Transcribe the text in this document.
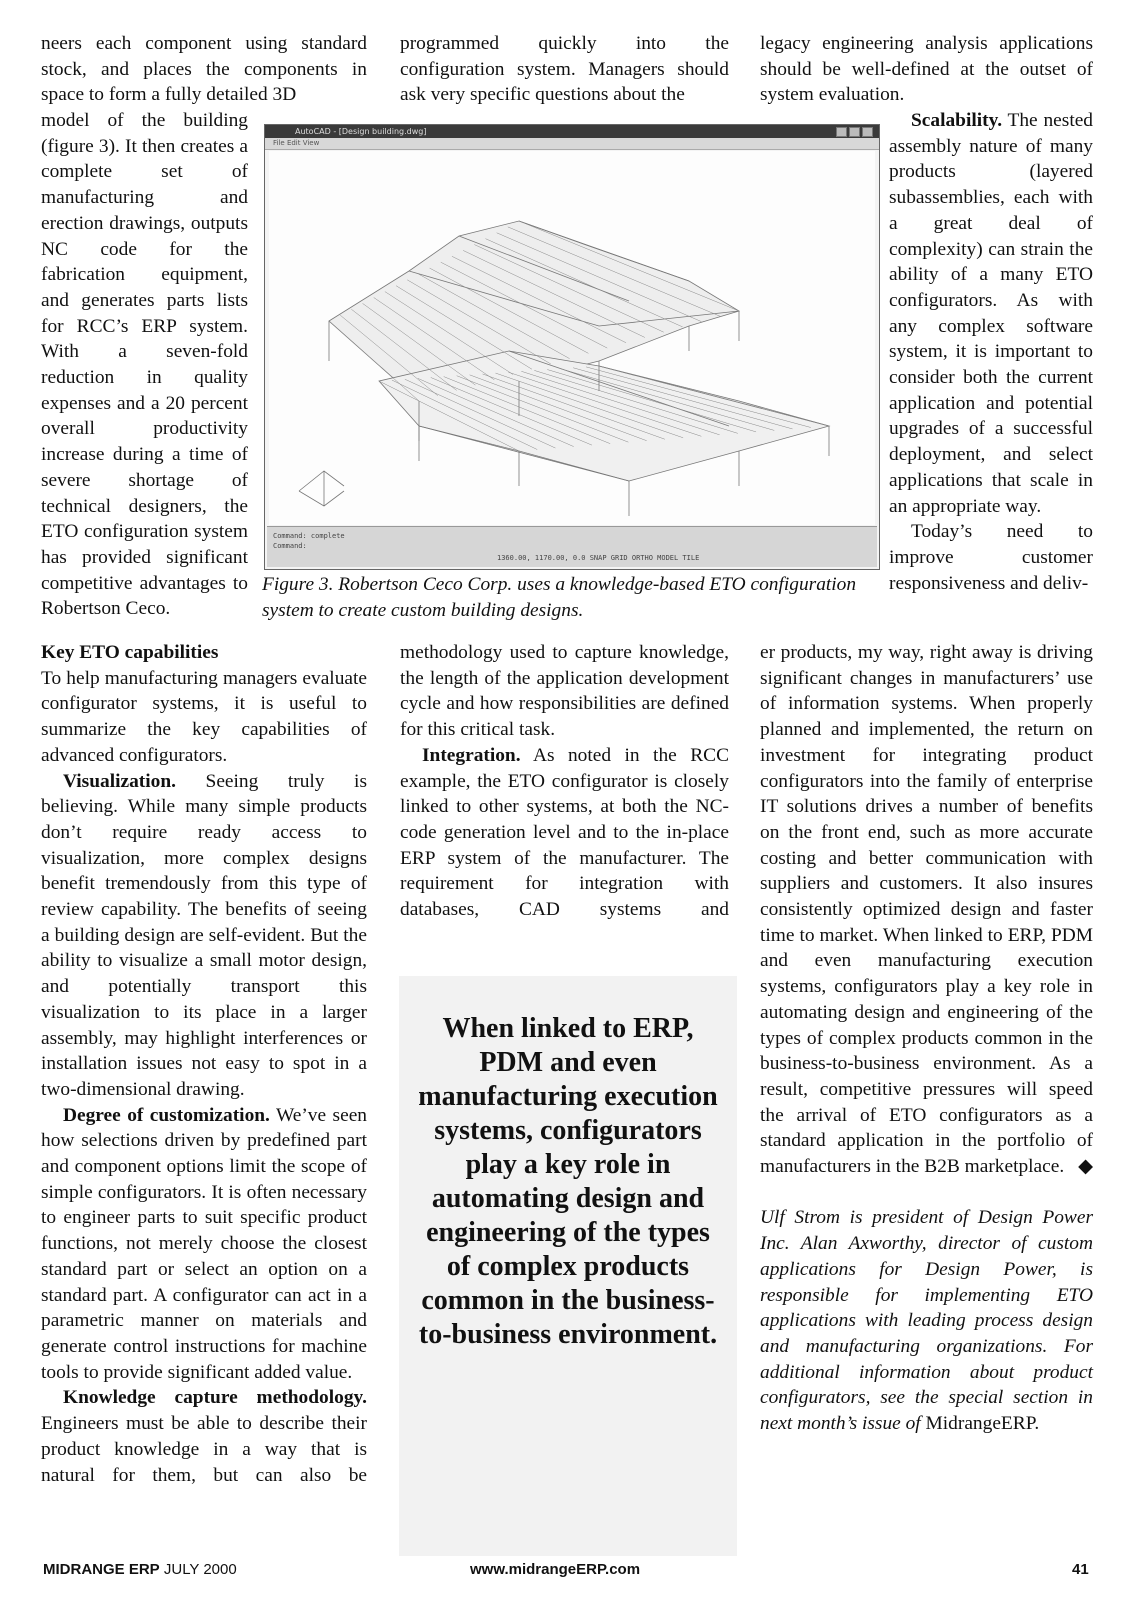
neers each component using standard stock, and places the components in space to form a fully detailed 3D

model of the building (figure 3). It then creates a complete set of manufacturing and erection drawings, outputs NC code for the fabrication equipment, and generates parts lists for RCC’s ERP system. With a seven-fold reduction in quality expenses and a 20 percent overall productivity increase during a time of severe shortage of technical designers, the ETO configuration system has provided significant competitive advantages to Robertson Ceco.

programmed quickly into the configuration system. Managers should ask very specific questions about the

legacy engineering analysis applications should be well-defined at the outset of system evaluation.

Scalability. The nested assembly nature of many products (layered subassemblies, each with a great deal of complexity) can strain the ability of a many ETO configurators. As with any complex software system, it is important to consider both the current application and potential upgrades of a successful deployment, and select applications that scale in an appropriate way.

Today’s need to improve customer responsiveness and deliv-

AutoCAD - [Design building.dwg]
File Edit View
Command: complete
Command:
1360.00, 1170.00, 0.0 SNAP GRID ORTHO MODEL TILE
Figure 3. Robertson Ceco Corp. uses a knowledge-based ETO configuration system to create custom building designs.

Key ETO capabilities

To help manufacturing managers evaluate configurator systems, it is useful to summarize the key capabilities of advanced configurators.

Visualization. Seeing truly is believing. While many simple products don’t require ready access to visualization, more complex designs benefit tremendously from this type of review capability. The benefits of seeing a building design are self-evident. But the ability to visualize a small motor design, and potentially transport this visualization to its place in a larger assembly, may highlight interferences or installation issues not easy to spot in a two-dimensional drawing.

Degree of customization. We’ve seen how selections driven by predefined part and component options limit the scope of simple configurators. It is often necessary to engineer parts to suit specific product functions, not merely choose the closest standard part or select an option on a standard part. A configurator can act in a parametric manner on materials and generate control instructions for machine tools to provide significant added value.

Knowledge capture methodology. Engineers must be able to describe their product knowledge in a way that is natural for them, but can also be

methodology used to capture knowledge, the length of the application development cycle and how responsibilities are defined for this critical task.

Integration. As noted in the RCC example, the ETO configurator is closely linked to other systems, at both the NC-code generation level and to the in-place ERP system of the manufacturer. The requirement for integration with databases, CAD systems and

When linked to ERP, PDM and even manufacturing execution systems, configurators play a key role in automating design and engineering of the types of complex products common in the business-to-business environment.

er products, my way, right away is driving significant changes in manufacturers’ use of information systems. When properly planned and implemented, the return on investment for integrating product configurators into the family of enterprise IT solutions drives a number of benefits on the front end, such as more accurate costing and better communication with suppliers and customers. It also insures consistently optimized design and faster time to market. When linked to ERP, PDM and even manufacturing execution systems, configurators play a key role in automating design and engineering of the types of complex products common in the business-to-business environment. As a result, competitive pressures will speed the arrival of ETO configurators as a standard application in the portfolio of manufacturers in the B2B marketplace. ◆

Ulf Strom is president of Design Power Inc. Alan Axworthy, director of custom applications for Design Power, is responsible for implementing ETO applications with leading process design and manufacturing organizations. For additional information about product configurators, see the special section in next month’s issue of MidrangeERP.

MIDRANGE ERP JULY 2000	www.midrangeERP.com	41
